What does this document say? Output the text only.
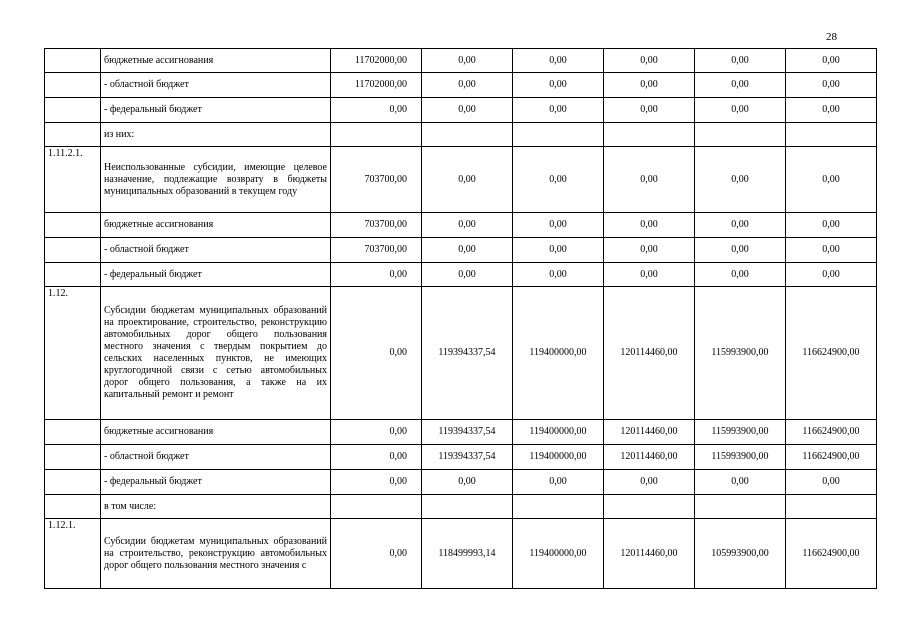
28
	бюджетные ассигнования	11702000,00	0,00	0,00	0,00	0,00	0,00
	- областной бюджет	11702000,00	0,00	0,00	0,00	0,00	0,00
	- федеральный бюджет	0,00	0,00	0,00	0,00	0,00	0,00
	из них:						
1.11.2.1.	Неиспользованные субсидии, имеющие целевое назначение, подлежащие возврату в бюджеты муниципальных образований в текущем году	703700,00	0,00	0,00	0,00	0,00	0,00
	бюджетные ассигнования	703700,00	0,00	0,00	0,00	0,00	0,00
	- областной бюджет	703700,00	0,00	0,00	0,00	0,00	0,00
	- федеральный бюджет	0,00	0,00	0,00	0,00	0,00	0,00
1.12.	Субсидии бюджетам муниципальных образований на проектирование, строительство, реконструкцию автомобильных дорог общего пользования местного значения с твердым покрытием до сельских населенных пунктов, не имеющих круглогодичной связи с сетью автомобильных дорог общего пользования, а также на их капитальный ремонт и ремонт	0,00	119394337,54	119400000,00	120114460,00	115993900,00	116624900,00
	бюджетные ассигнования	0,00	119394337,54	119400000,00	120114460,00	115993900,00	116624900,00
	- областной бюджет	0,00	119394337,54	119400000,00	120114460,00	115993900,00	116624900,00
	- федеральный бюджет	0,00	0,00	0,00	0,00	0,00	0,00
	в том числе:						
1.12.1.	Субсидии бюджетам муниципальных образований на строительство, реконструкцию автомобильных дорог общего пользования местного значения с	0,00	118499993,14	119400000,00	120114460,00	105993900,00	116624900,00
